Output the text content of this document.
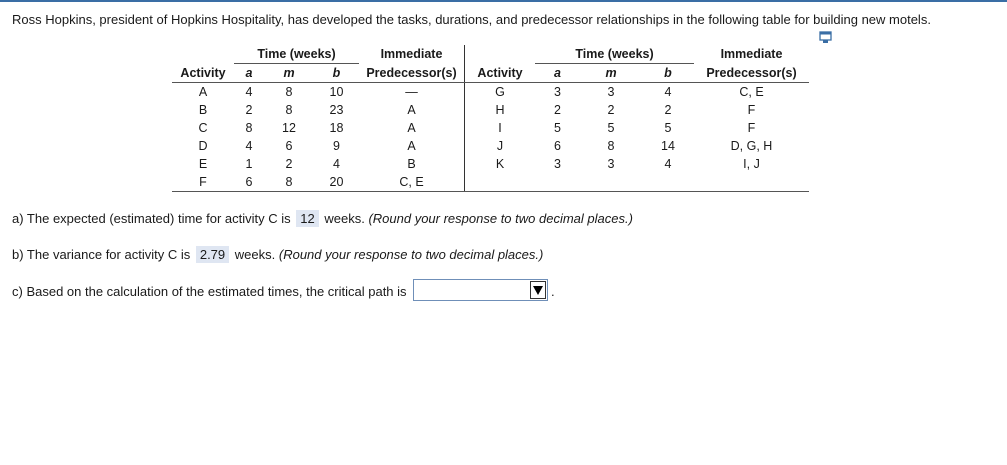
Ross Hopkins, president of Hopkins Hospitality, has developed the tasks, durations, and predecessor relationships in the following table for building new motels.
	Time (weeks)			Immediate		Time (weeks)			Immediate
Activity	a	m	b	Predecessor(s)	Activity	a	m	b	Predecessor(s)
A	4	8	10	—	G	3	3	4	C, E
B	2	8	23	A	H	2	2	2	F
C	8	12	18	A	I	5	5	5	F
D	4	6	9	A	J	6	8	14	D, G, H
E	1	2	4	B	K	3	3	4	I, J
F	6	8	20	C, E					
a) The expected (estimated) time for activity C is 12 weeks. (Round your response to two decimal places.)
b) The variance for activity C is 2.79 weeks. (Round your response to two decimal places.)
c) Based on the calculation of the estimated times, the critical path is	.
